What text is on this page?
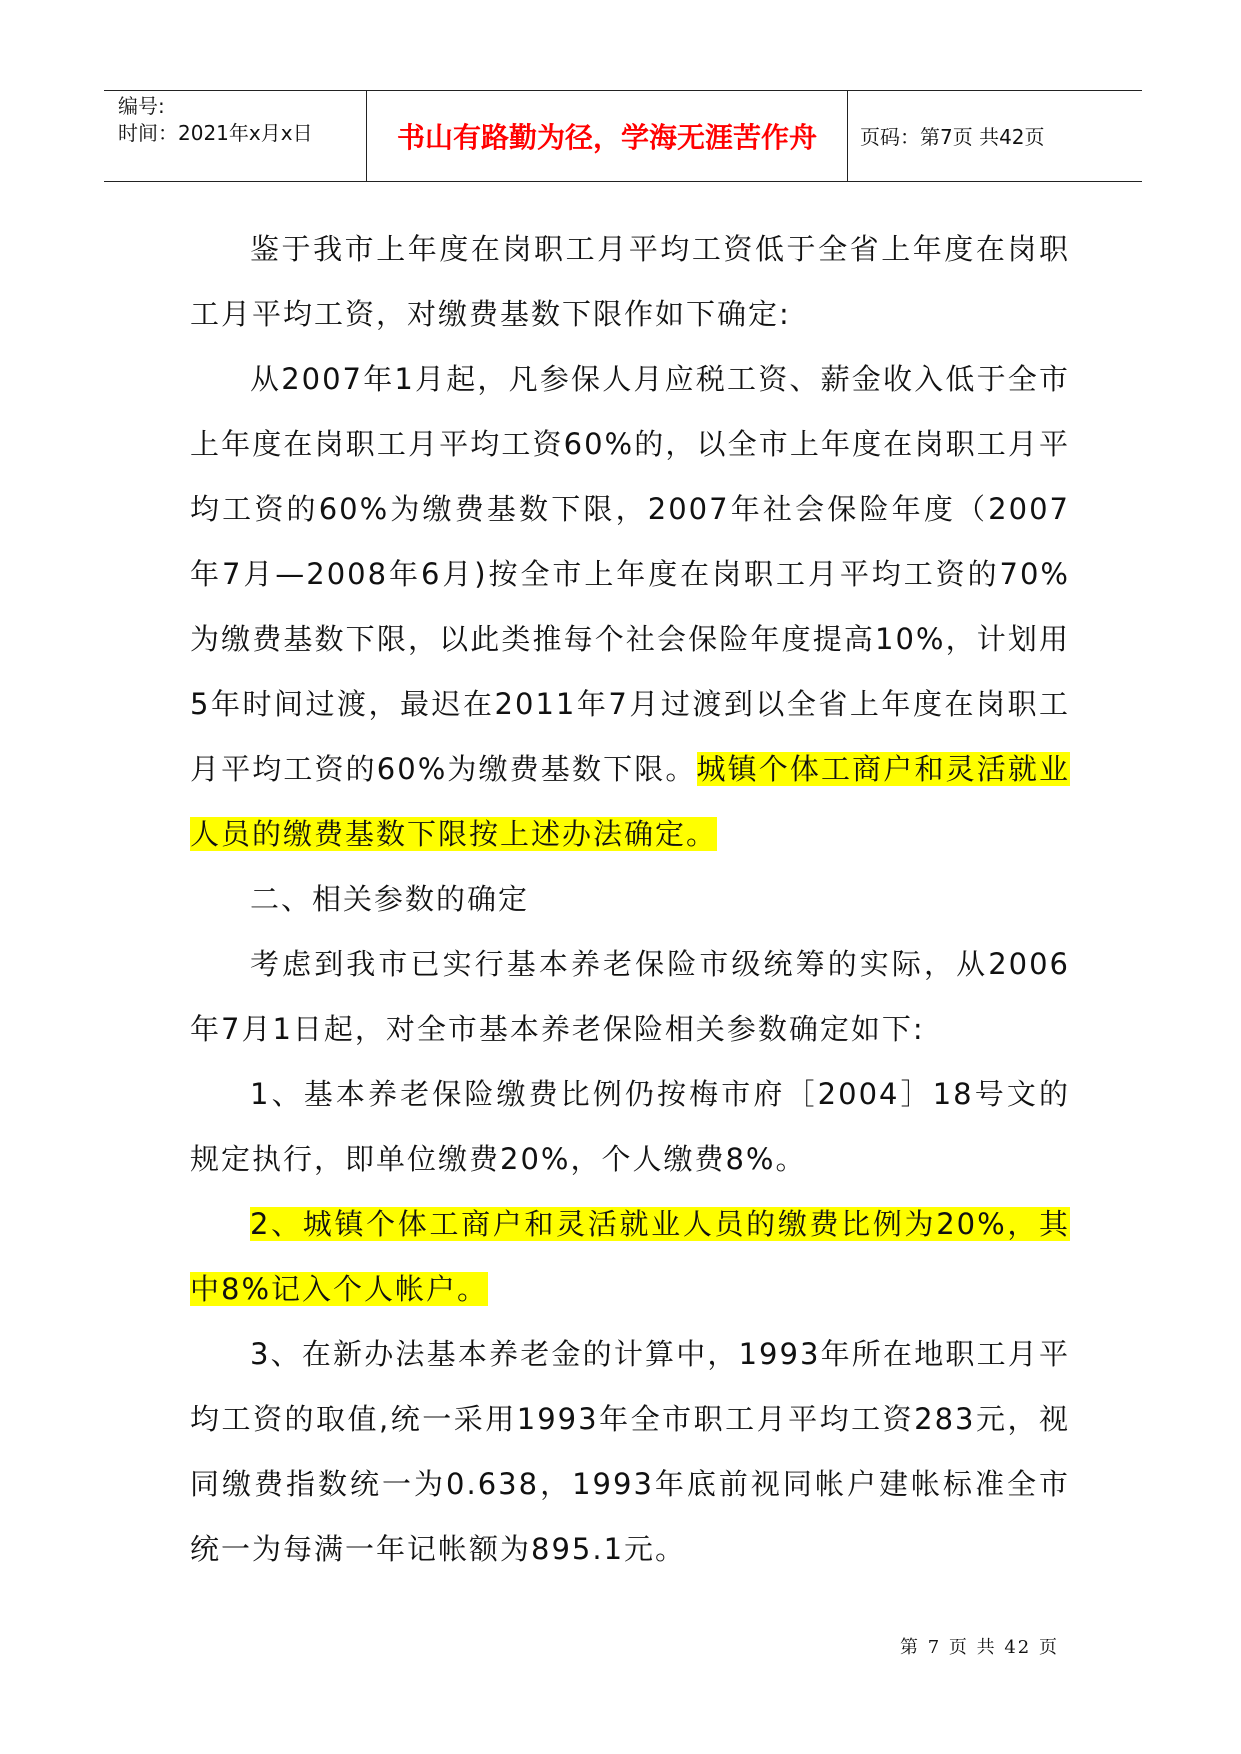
编号:
时间：2021年x月x日	书山有路勤为径，学海无涯苦作舟	页码：第7页 共42页

鉴于我市上年度在岗职工月平均工资低于全省上年度在岗职工月平均工资，对缴费基数下限作如下确定:

从2007年1月起，凡参保人月应税工资、薪金收入低于全市上年度在岗职工月平均工资60%的，以全市上年度在岗职工月平均工资的60%为缴费基数下限，2007年社会保险年度（2007年7月—2008年6月)按全市上年度在岗职工月平均工资的70%为缴费基数下限，以此类推每个社会保险年度提高10%，计划用5年时间过渡，最迟在2011年7月过渡到以全省上年度在岗职工月平均工资的60%为缴费基数下限。城镇个体工商户和灵活就业人员的缴费基数下限按上述办法确定。

二、相关参数的确定

考虑到我市已实行基本养老保险市级统筹的实际，从2006年7月1日起，对全市基本养老保险相关参数确定如下:

1、基本养老保险缴费比例仍按梅市府［2004］18号文的规定执行，即单位缴费20%，个人缴费8%。

2、城镇个体工商户和灵活就业人员的缴费比例为20%，其中8%记入个人帐户。

3、在新办法基本养老金的计算中，1993年所在地职工月平均工资的取值,统一采用1993年全市职工月平均工资283元，视同缴费指数统一为0.638，1993年底前视同帐户建帐标准全市统一为每满一年记帐额为895.1元。

第 7 页 共 42 页
